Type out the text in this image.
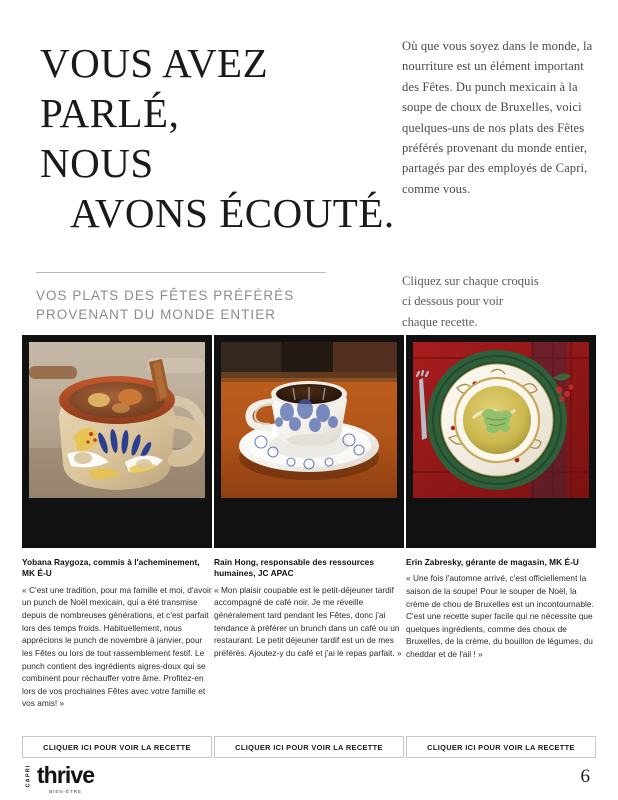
VOUS AVEZ
PARLÉ,
NOUS
AVONS ÉCOUTÉ.

Où que vous soyez dans le monde, la nourriture est un élément important des Fêtes. Du punch mexicain à la soupe de choux de Bruxelles, voici quelques-uns de nos plats des Fêtes préférés provenant du monde entier, partagés par des employés de Capri, comme vous.

VOS PLATS DES FÊTES PRÉFÉRÉS
PROVENANT DU MONDE ENTIER
Cliquez sur chaque croquis
ci dessous pour voir
chaque recette.
Yobana Raygoza, commis à l'acheminement, MK É-U
« C'est une tradition, pour ma famille et moi, d'avoir un punch de Noël mexicain, qui a été transmise depuis de nombreuses générations, et c'est parfait lors des temps froids. Habituellement, nous apprécions le punch de novembre à janvier, pour les Fêtes ou lors de tout rassemblement festif. Le punch contient des ingrédients aigres-doux qui se combinent pour réchauffer votre âme. Profitez-en lors de vos prochaines Fêtes avec votre famille et vos amis! »
Rain Hong, responsable des ressources humaines, JC APAC
« Mon plaisir coupable est le petit-déjeuner tardif accompagné de café noir. Je me réveille généralement tard pendant les Fêtes, donc j'ai tendance à préférer un brunch dans un café ou un restaurant. Le petit déjeuner tardif est un de mes préférés. Ajoutez-y du café et j'ai le repas parfait. »
Erin Zabresky, gérante de magasin, MK É-U
« Une fois l'automne arrivé, c'est officiellement la saison de la soupe! Pour le souper de Noël, la crème de chou de Bruxelles est un incontournable. C'est une recette super facile qui ne nécessite que quelques ingrédients, comme des choux de Bruxelles, de la crème, du bouillon de légumes, du cheddar et de l'ail ! »
CLIQUER ICI POUR VOIR LA RECETTE	CLIQUER ICI POUR VOIR LA RECETTE	CLIQUER ICI POUR VOIR LA RECETTE
CAPRI thrive
BIEN-ÊTRE
6
